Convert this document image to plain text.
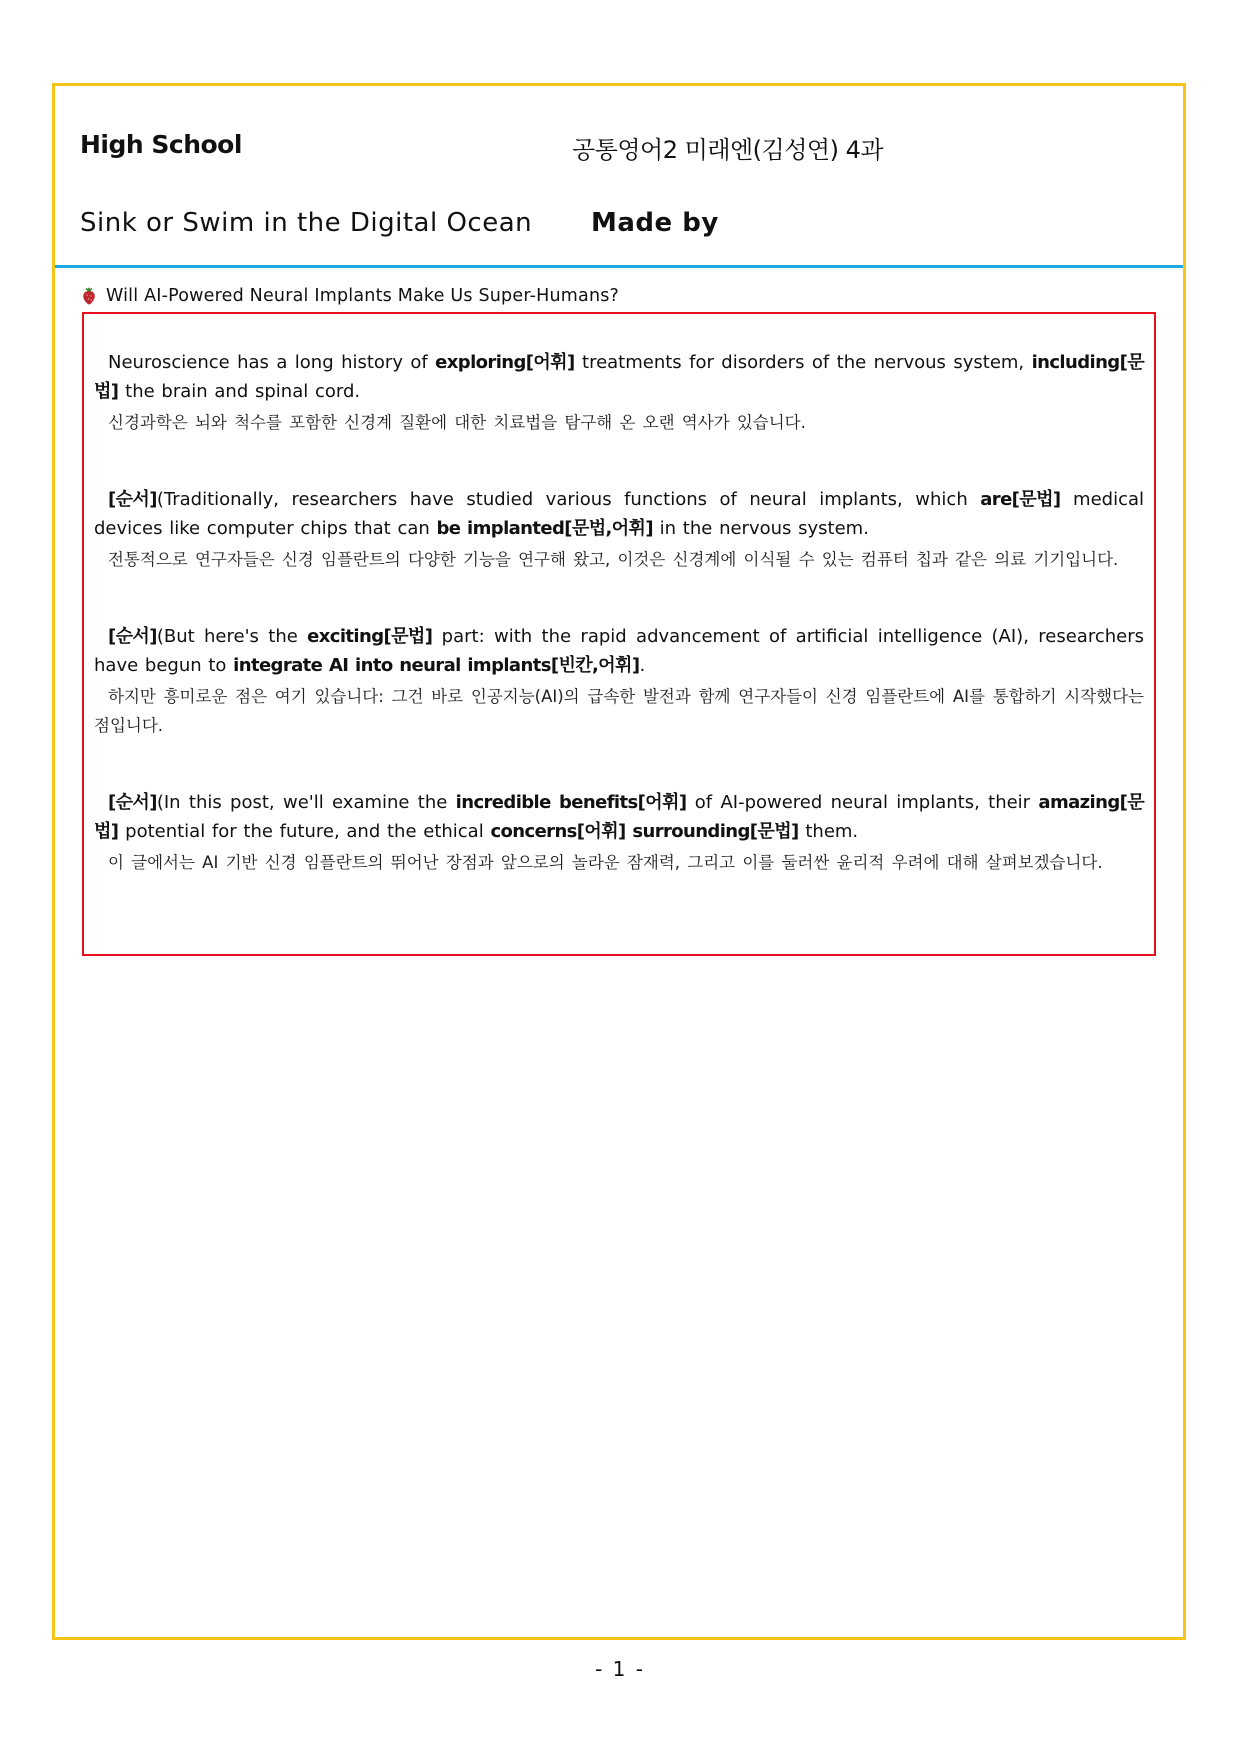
High School	공통영어2 미래엔(김성연) 4과
Sink or Swim in the Digital Ocean Made by
Will AI-Powered Neural Implants Make Us Super-Humans?

Neuroscience has a long history of exploring[어휘] treatments for disorders of the nervous system, including[문법] the brain and spinal cord.

신경과학은 뇌와 척수를 포함한 신경계 질환에 대한 치료법을 탐구해 온 오랜 역사가 있습니다.

[순서](Traditionally, researchers have studied various functions of neural implants, which are[문법] medical devices like computer chips that can be implanted[문법,어휘] in the nervous system.

전통적으로 연구자들은 신경 임플란트의 다양한 기능을 연구해 왔고, 이것은 신경계에 이식될 수 있는 컴퓨터 칩과 같은 의료 기기입니다.

[순서](But here's the exciting[문법] part: with the rapid advancement of artificial intelligence (AI), researchers have begun to integrate AI into neural implants[빈칸,어휘].

하지만 흥미로운 점은 여기 있습니다: 그건 바로 인공지능(AI)의 급속한 발전과 함께 연구자들이 신경 임플란트에 AI를 통합하기 시작했다는 점입니다.

[순서](In this post, we'll examine the incredible benefits[어휘] of AI-powered neural implants, their amazing[문법] potential for the future, and the ethical concerns[어휘] surrounding[문법] them.

이 글에서는 AI 기반 신경 임플란트의 뛰어난 장점과 앞으로의 놀라운 잠재력, 그리고 이를 둘러싼 윤리적 우려에 대해 살펴보겠습니다.

- 1 -
